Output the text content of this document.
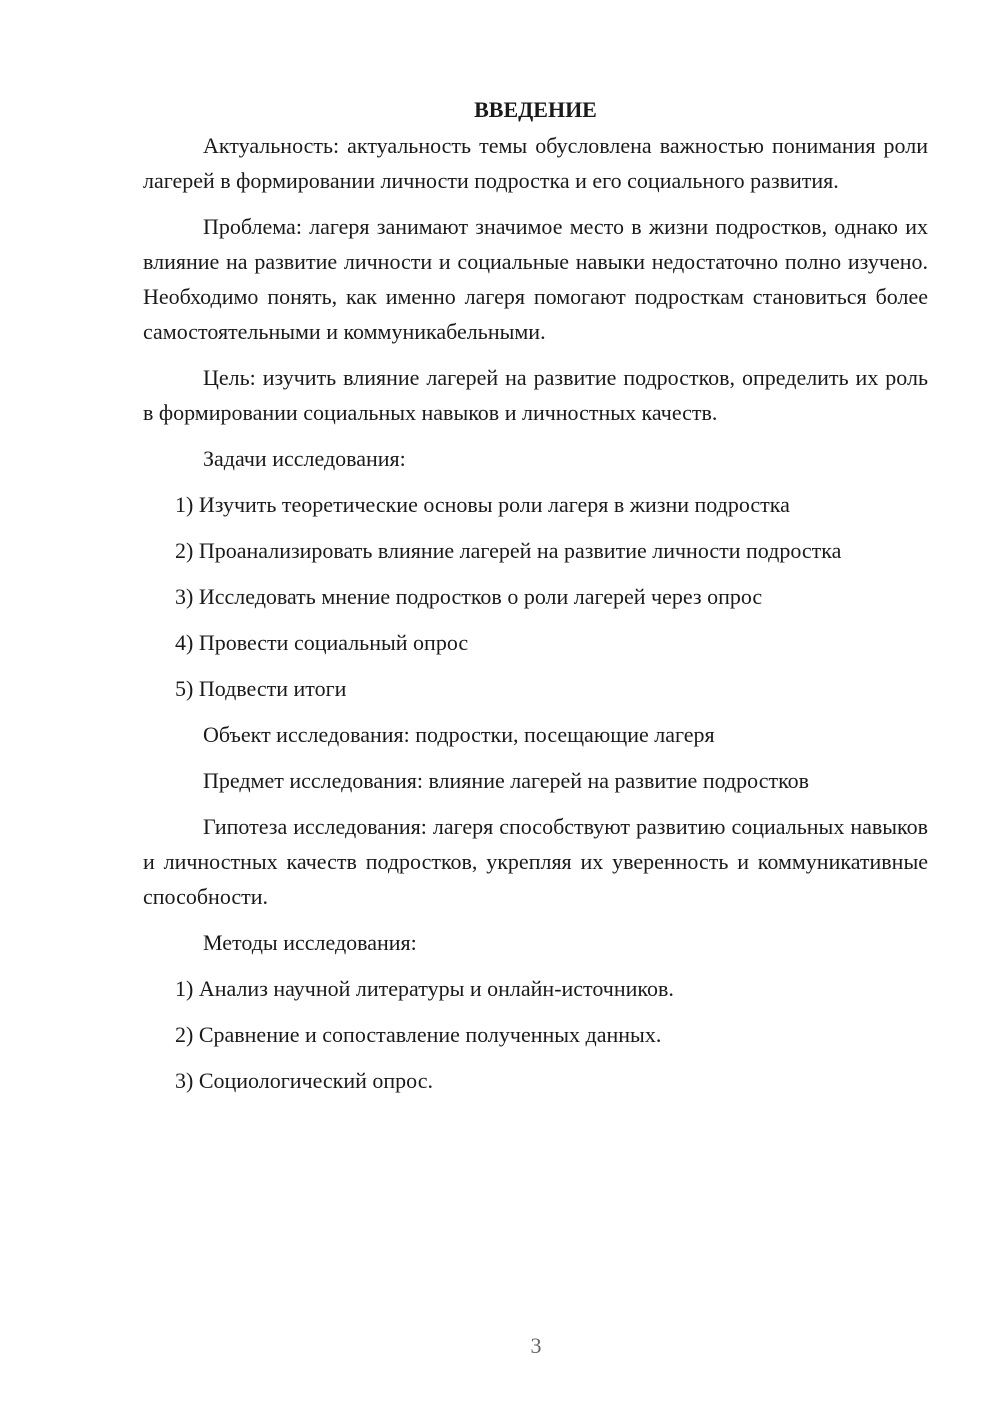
ВВЕДЕНИЕ

Актуальность: актуальность темы обусловлена важностью понимания роли лагерей в формировании личности подростка и его социального развития.

Проблема: лагеря занимают значимое место в жизни подростков, однако их влияние на развитие личности и социальные навыки недостаточно полно изучено. Необходимо понять, как именно лагеря помогают подросткам становиться более самостоятельными и коммуникабельными.

Цель: изучить влияние лагерей на развитие подростков, определить их роль в формировании социальных навыков и личностных качеств.

Задачи исследования:

1) Изучить теоретические основы роли лагеря в жизни подростка

2) Проанализировать влияние лагерей на развитие личности подростка

3) Исследовать мнение подростков о роли лагерей через опрос

4) Провести социальный опрос

5) Подвести итоги

Объект исследования: подростки, посещающие лагеря

Предмет исследования: влияние лагерей на развитие подростков

Гипотеза исследования: лагеря способствуют развитию социальных навыков и личностных качеств подростков, укрепляя их уверенность и коммуникативные способности.

Методы исследования:

1) Анализ научной литературы и онлайн-источников.

2) Сравнение и сопоставление полученных данных.

3) Социологический опрос.

3
